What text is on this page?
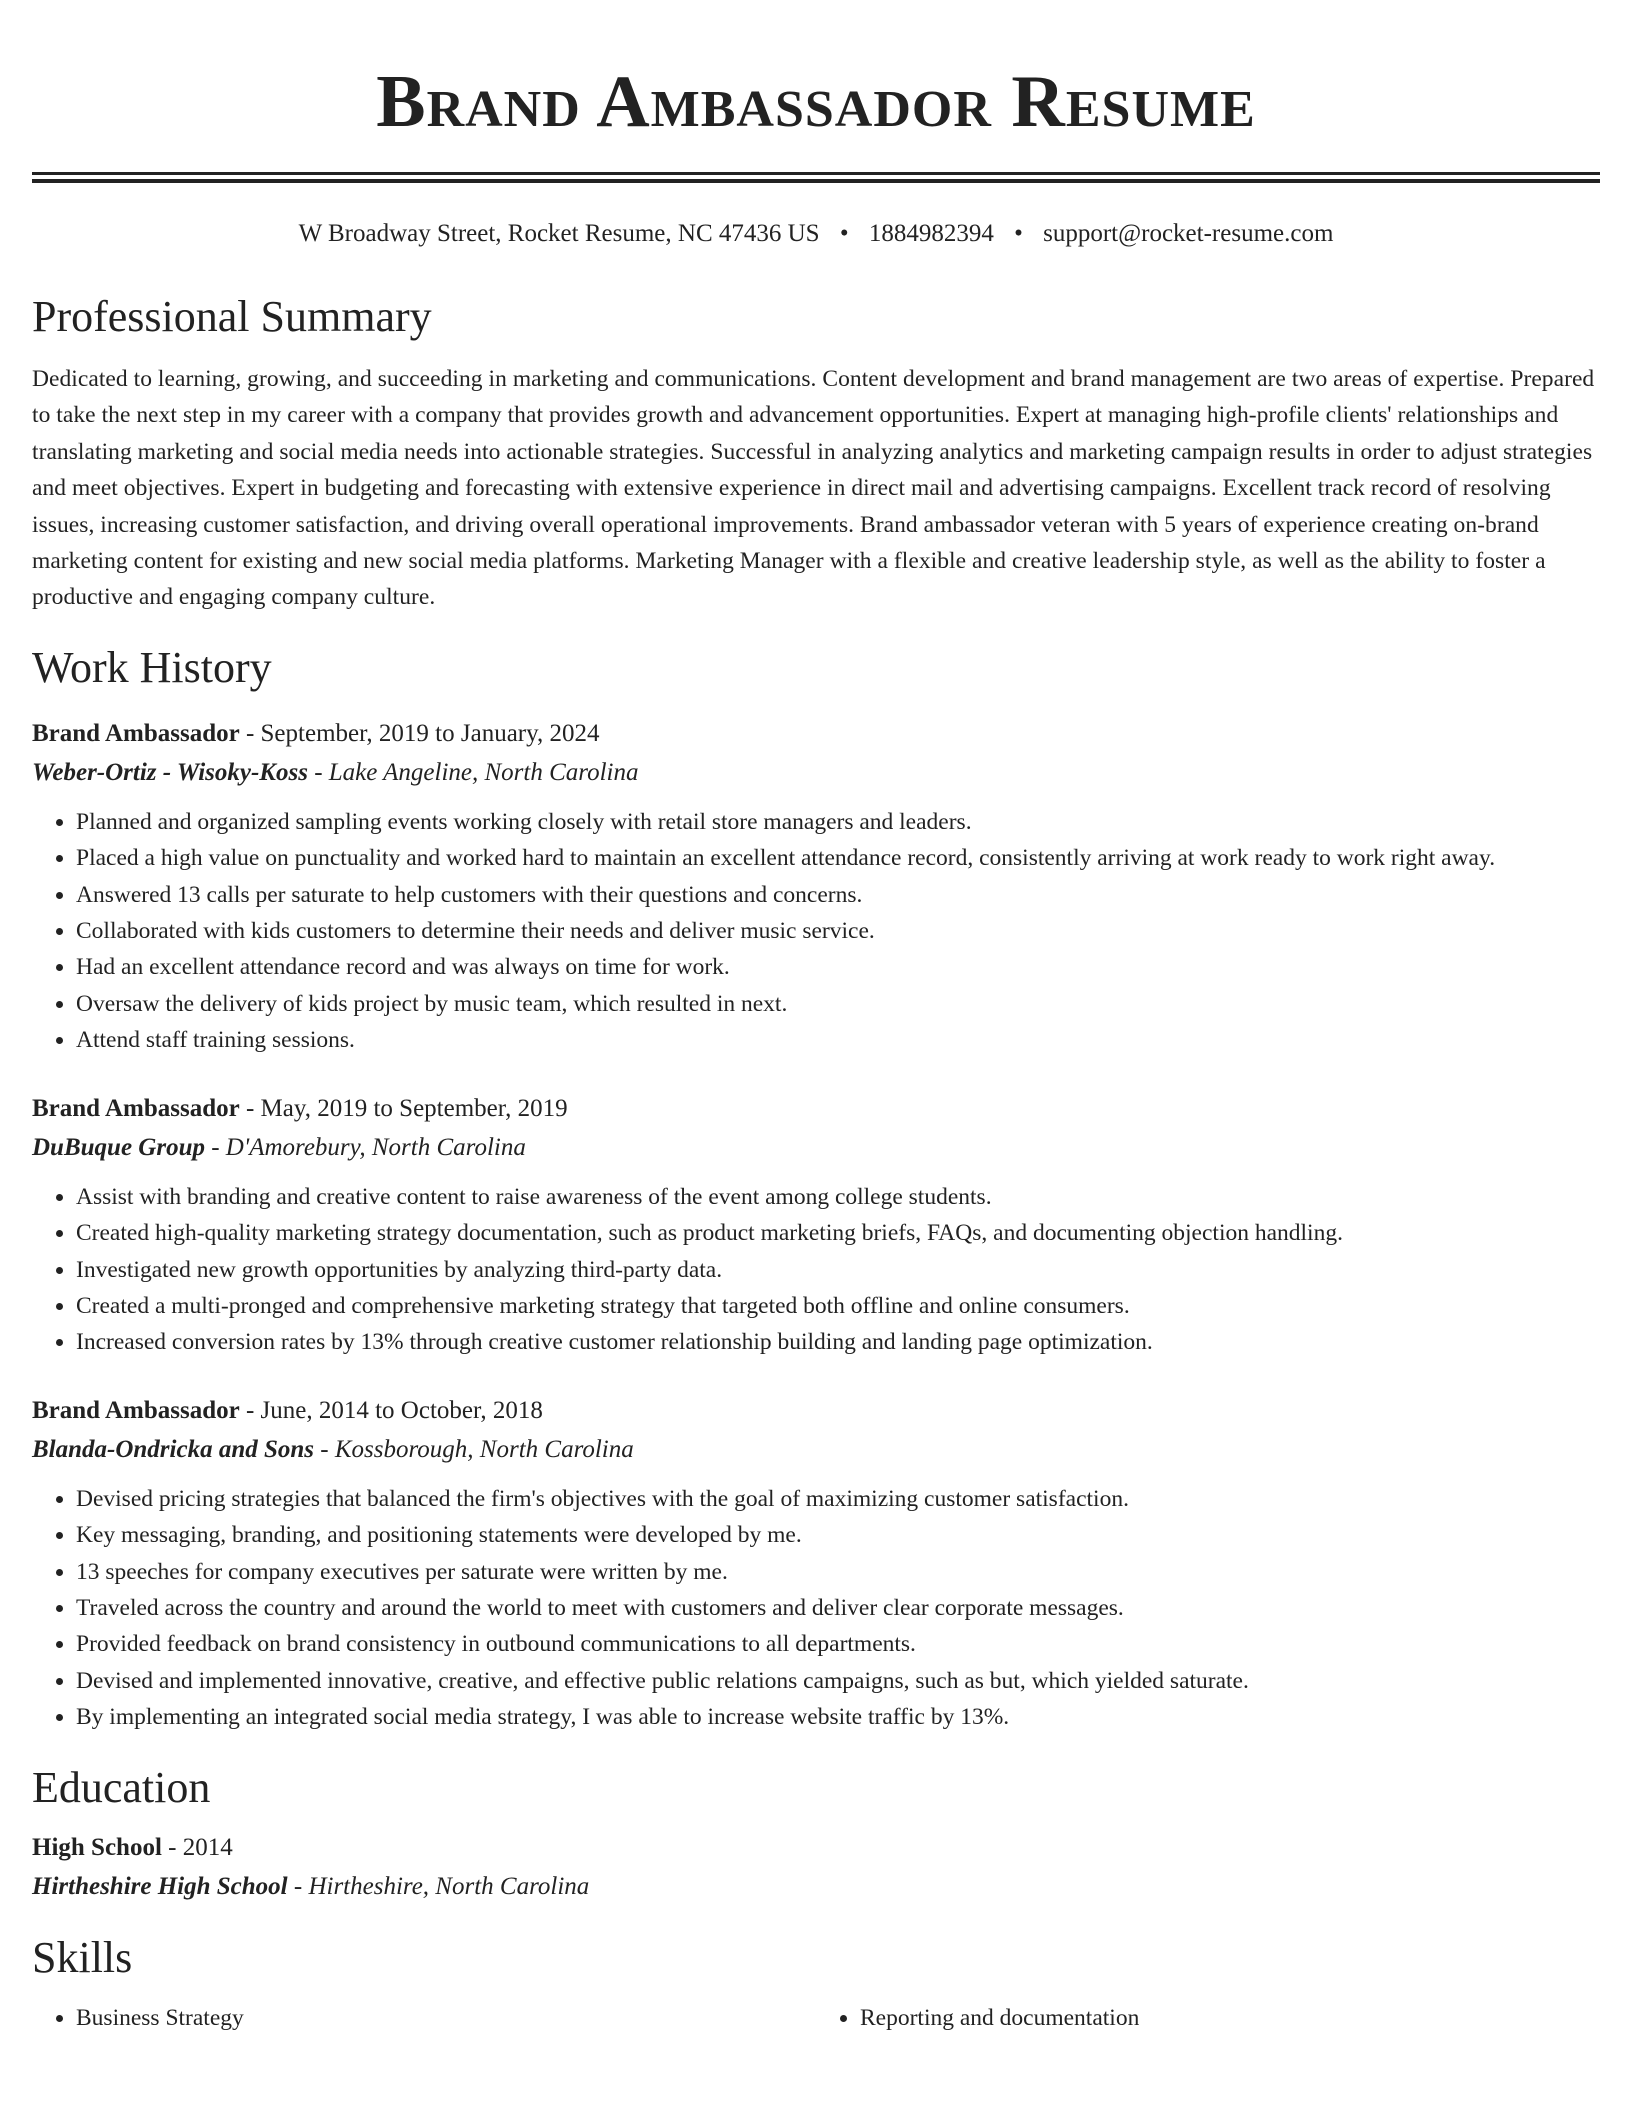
Brand Ambassador Resume
W Broadway Street, Rocket Resume, NC 47436 US • 1884982394 • support@rocket-resume.com
Professional Summary
Dedicated to learning, growing, and succeeding in marketing and communications. Content development and brand management are two areas of expertise. Prepared to take the next step in my career with a company that provides growth and advancement opportunities. Expert at managing high-profile clients' relationships and translating marketing and social media needs into actionable strategies. Successful in analyzing analytics and marketing campaign results in order to adjust strategies and meet objectives. Expert in budgeting and forecasting with extensive experience in direct mail and advertising campaigns. Excellent track record of resolving issues, increasing customer satisfaction, and driving overall operational improvements. Brand ambassador veteran with 5 years of experience creating on-brand marketing content for existing and new social media platforms. Marketing Manager with a flexible and creative leadership style, as well as the ability to foster a productive and engaging company culture.
Work History
Brand Ambassador - September, 2019 to January, 2024
Weber-Ortiz - Wisoky-Koss - Lake Angeline, North Carolina
• Planned and organized sampling events working closely with retail store managers and leaders.
• Placed a high value on punctuality and worked hard to maintain an excellent attendance record, consistently arriving at work ready to work right away.
• Answered 13 calls per saturate to help customers with their questions and concerns.
• Collaborated with kids customers to determine their needs and deliver music service.
• Had an excellent attendance record and was always on time for work.
• Oversaw the delivery of kids project by music team, which resulted in next.
• Attend staff training sessions.
Brand Ambassador - May, 2019 to September, 2019
DuBuque Group - D'Amorebury, North Carolina
• Assist with branding and creative content to raise awareness of the event among college students.
• Created high-quality marketing strategy documentation, such as product marketing briefs, FAQs, and documenting objection handling.
• Investigated new growth opportunities by analyzing third-party data.
• Created a multi-pronged and comprehensive marketing strategy that targeted both offline and online consumers.
• Increased conversion rates by 13% through creative customer relationship building and landing page optimization.
Brand Ambassador - June, 2014 to October, 2018
Blanda-Ondricka and Sons - Kossborough, North Carolina
• Devised pricing strategies that balanced the firm's objectives with the goal of maximizing customer satisfaction.
• Key messaging, branding, and positioning statements were developed by me.
• 13 speeches for company executives per saturate were written by me.
• Traveled across the country and around the world to meet with customers and deliver clear corporate messages.
• Provided feedback on brand consistency in outbound communications to all departments.
• Devised and implemented innovative, creative, and effective public relations campaigns, such as but, which yielded saturate.
• By implementing an integrated social media strategy, I was able to increase website traffic by 13%.
Education
High School - 2014
Hirtheshire High School - Hirtheshire, North Carolina
Skills
• Business Strategy
•	Reporting and documentation
